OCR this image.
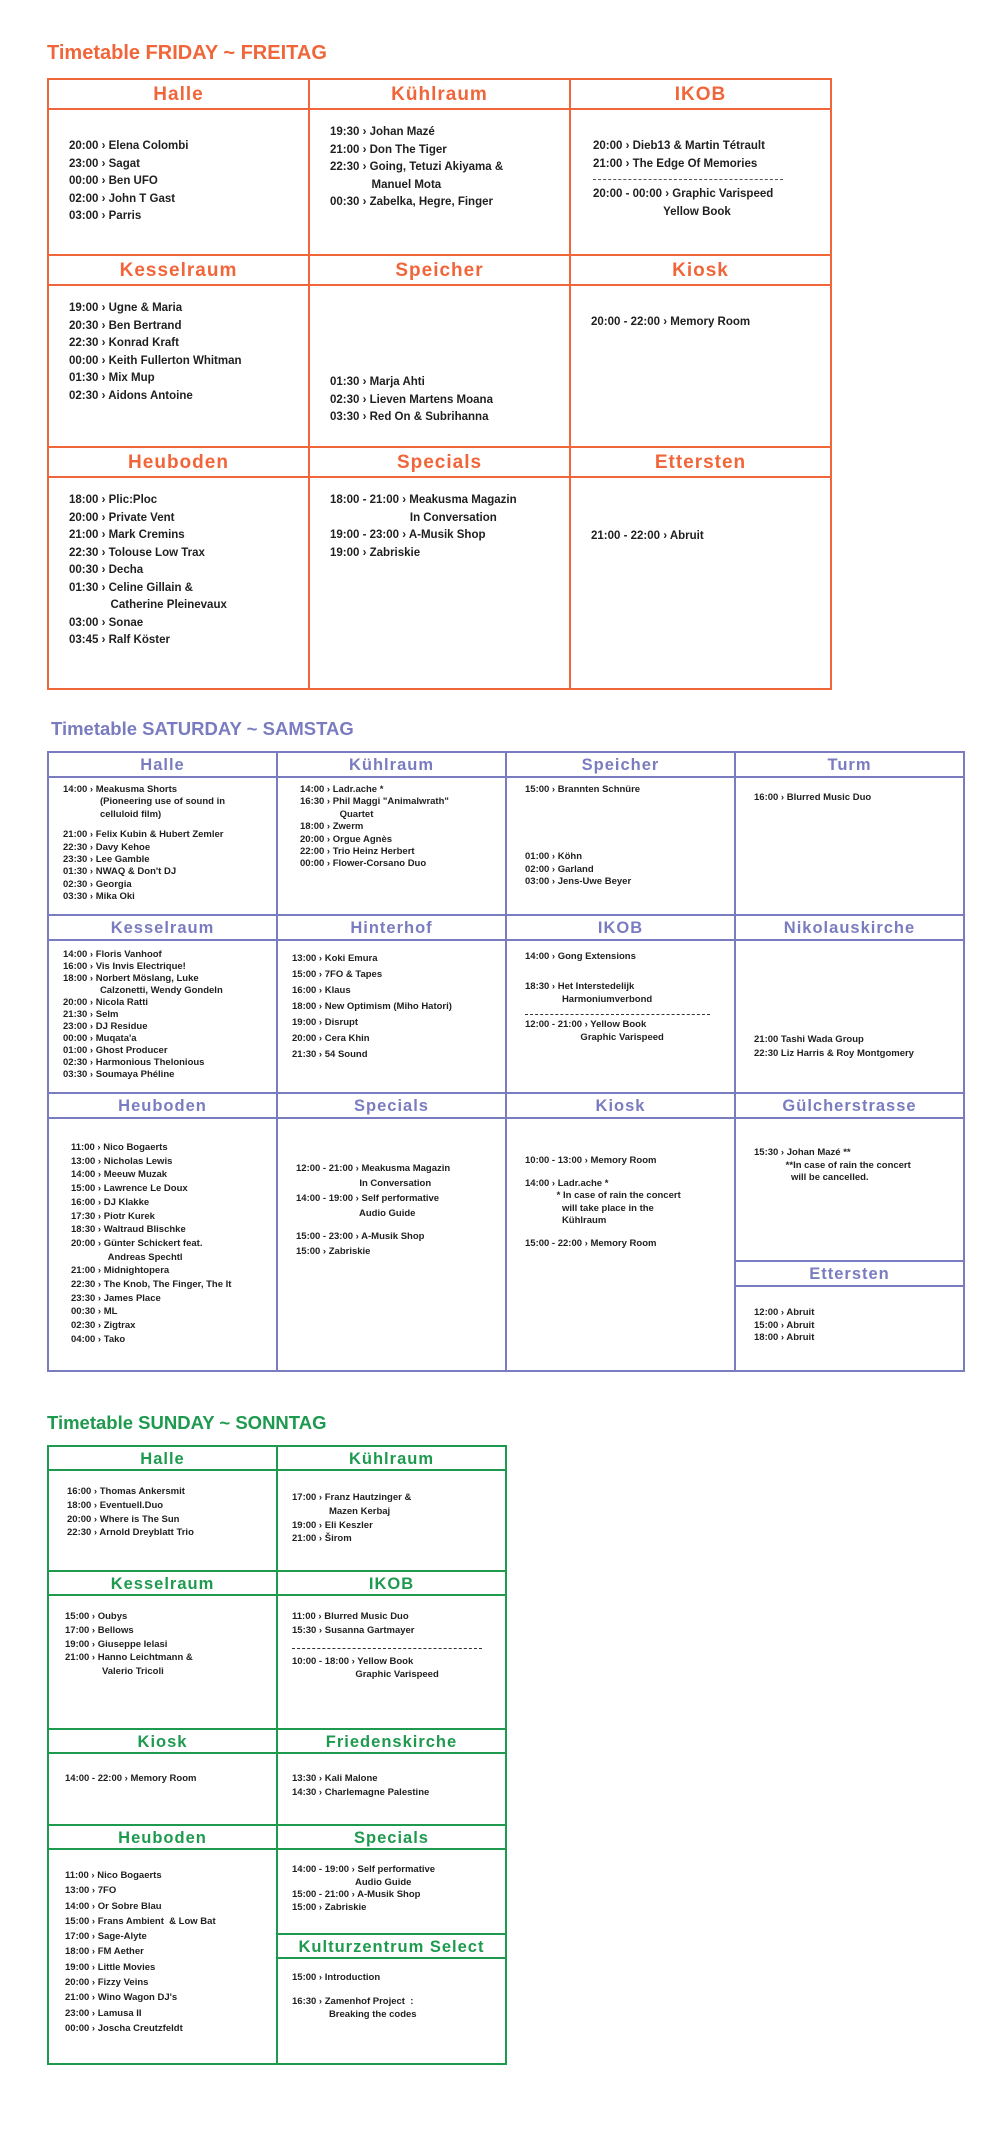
Timetable FRIDAY ~ FREITAG
Halle
20:00 › Elena Colombi
23:00 › Sagat
00:00 › Ben UFO
02:00 › John T Gast
03:00 › Parris
Kühlraum
19:30 › Johan Mazé
21:00 › Don The Tiger
22:30 › Going, Tetuzi Akiyama &
Manuel Mota
00:30 › Zabelka, Hegre, Finger
IKOB
20:00 › Dieb13 & Martin Tétrault
21:00 › The Edge Of Memories
20:00 - 00:00 › Graphic Varispeed
Yellow Book
Kesselraum
19:00 › Ugne & Maria
20:30 › Ben Bertrand
22:30 › Konrad Kraft
00:00 › Keith Fullerton Whitman
01:30 › Mix Mup
02:30 › Aidons Antoine
Speicher
01:30 › Marja Ahti
02:30 › Lieven Martens Moana
03:30 › Red On & Subrihanna
Kiosk
20:00 - 22:00 › Memory Room
Heuboden
18:00 › Plic:Ploc
20:00 › Private Vent
21:00 › Mark Cremins
22:30 › Tolouse Low Trax
00:30 › Decha
01:30 › Celine Gillain &
Catherine Pleinevaux
03:00 › Sonae
03:45 › Ralf Köster
Specials
18:00 - 21:00 › Meakusma Magazin
In Conversation
19:00 - 23:00 › A-Musik Shop
19:00 › Zabriskie
Ettersten
21:00 - 22:00 › Abruit
Timetable SATURDAY ~ SAMSTAG
Halle
14:00 › Meakusma Shorts
(Pioneering use of sound in
celluloid film)
21:00 › Felix Kubin & Hubert Zemler
22:30 › Davy Kehoe
23:30 › Lee Gamble
01:30 › NWAQ & Don't DJ
02:30 › Georgia
03:30 › Mika Oki
Kühlraum
14:00 › Ladr.ache *
16:30 › Phil Maggi "Animalwrath"
Quartet
18:00 › Zwerm
20:00 › Orgue Agnès
22:00 › Trio Heinz Herbert
00:00 › Flower-Corsano Duo
Speicher
15:00 › Brannten Schnüre
01:00 › Köhn
02:00 › Garland
03:00 › Jens-Uwe Beyer
Turm
16:00 › Blurred Music Duo
Kesselraum
14:00 › Floris Vanhoof
16:00 › Vis Invis Electrique!
18:00 › Norbert Möslang, Luke
Calzonetti, Wendy Gondeln
20:00 › Nicola Ratti
21:30 › Selm
23:00 › DJ Residue
00:00 › Muqata'a
01:00 › Ghost Producer
02:30 › Harmonious Thelonious
03:30 › Soumaya Phéline
Hinterhof
13:00 › Koki Emura
15:00 › 7FO & Tapes
16:00 › Klaus
18:00 › New Optimism (Miho Hatori)
19:00 › Disrupt
20:00 › Cera Khin
21:30 › 54 Sound
IKOB
14:00 › Gong Extensions
18:30 › Het Interstedelijk
Harmoniumverbond
12:00 - 21:00 › Yellow Book
Graphic Varispeed
Nikolauskirche
21:00 Tashi Wada Group
22:30 Liz Harris & Roy Montgomery
Heuboden
11:00 › Nico Bogaerts
13:00 › Nicholas Lewis
14:00 › Meeuw Muzak
15:00 › Lawrence Le Doux
16:00 › DJ Klakke
17:30 › Piotr Kurek
18:30 › Waltraud Blischke
20:00 › Günter Schickert feat.
Andreas Spechtl
21:00 › Midnightopera
22:30 › The Knob, The Finger, The It
23:30 › James Place
00:30 › ML
02:30 › Zigtrax
04:00 › Tako
Specials
12:00 - 21:00 › Meakusma Magazin
In Conversation
14:00 - 19:00 › Self performative
Audio Guide
15:00 - 23:00 › A-Musik Shop
15:00 › Zabriskie
Kiosk
10:00 - 13:00 › Memory Room
14:00 › Ladr.ache *
* In case of rain the concert
will take place in the
Kühlraum
15:00 - 22:00 › Memory Room
Gülcherstrasse
15:30 › Johan Mazé **
**In case of rain the concert
will be cancelled.
Ettersten
12:00 › Abruit
15:00 › Abruit
18:00 › Abruit
Timetable SUNDAY ~ SONNTAG
Halle
16:00 › Thomas Ankersmit
18:00 › Eventuell.Duo
20:00 › Where is The Sun
22:30 › Arnold Dreyblatt Trio
Kühlraum
17:00 › Franz Hautzinger &
Mazen Kerbaj
19:00 › Eli Keszler
21:00 › Širom
Kesselraum
15:00 › Oubys
17:00 › Bellows
19:00 › Giuseppe Ielasi
21:00 › Hanno Leichtmann &
Valerio Tricoli
IKOB
11:00 › Blurred Music Duo
15:30 › Susanna Gartmayer
10:00 - 18:00 › Yellow Book
Graphic Varispeed
Kiosk
14:00 - 22:00 › Memory Room
Friedenskirche
13:30 › Kali Malone
14:30 › Charlemagne Palestine
Heuboden
11:00 › Nico Bogaerts
13:00 › 7FO
14:00 › Or Sobre Blau
15:00 › Frans Ambient  & Low Bat
17:00 › Sage-Alyte
18:00 › FM Aether
19:00 › Little Movies
20:00 › Fizzy Veins
21:00 › Wino Wagon DJ's
23:00 › Lamusa II
00:00 › Joscha Creutzfeldt
Specials
14:00 - 19:00 › Self performative
Audio Guide
15:00 - 21:00 › A-Musik Shop
15:00 › Zabriskie
Kulturzentrum Select
15:00 › Introduction
16:30 › Zamenhof Project  :
Breaking the codes
